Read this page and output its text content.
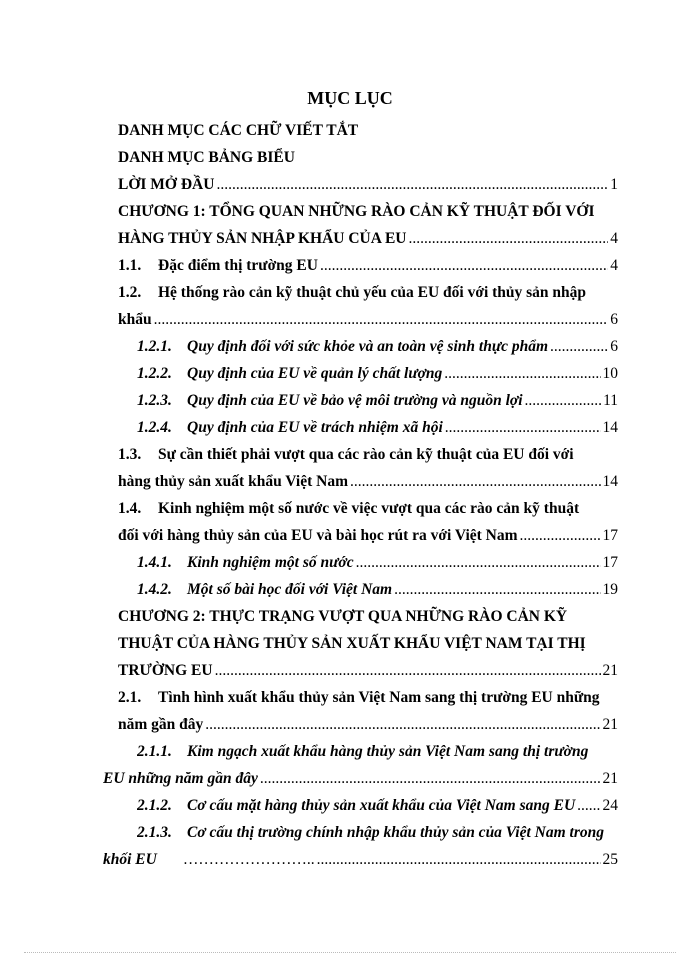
MỤC LỤC
DANH MỤC CÁC CHỮ VIẾT TẮT
DANH MỤC BẢNG BIỂU
LỜI MỞ ĐẦU .....	1
CHƯƠNG 1: TỔNG QUAN NHỮNG RÀO CẢN KỸ THUẬT ĐỐI VỚI
HÀNG THỦY SẢN NHẬP KHẨU CỦA EU .....	4
1.1. Đặc điểm thị trường EU .....	4
1.2. Hệ thống rào cản kỹ thuật chủ yếu của EU đối với thủy sản nhập
khẩu .....	6
1.2.1. Quy định đối với sức khỏe và an toàn vệ sinh thực phẩm .....	6
1.2.2. Quy định của EU về quản lý chất lượng .....	10
1.2.3. Quy định của EU về bảo vệ môi trường và nguồn lợi .....	11
1.2.4. Quy định của EU về trách nhiệm xã hội .....	14
1.3. Sự cần thiết phải vượt qua các rào cản kỹ thuật của EU đối với
hàng thủy sản xuất khẩu Việt Nam .....	14
1.4. Kinh nghiệm một số nước về việc vượt qua các rào cản kỹ thuật
đối với hàng thủy sản của EU và bài học rút ra với Việt Nam .....	17
1.4.1. Kinh nghiệm một số nước .....	17
1.4.2. Một số bài học đối với Việt Nam .....	19
CHƯƠNG 2: THỰC TRẠNG VƯỢT QUA NHỮNG RÀO CẢN KỸ
THUẬT CỦA HÀNG THỦY SẢN XUẤT KHẨU VIỆT NAM TẠI THỊ
TRƯỜNG EU .....	21
2.1. Tình hình xuất khẩu thủy sản Việt Nam sang thị trường EU những
năm gần đây .....	21
2.1.1. Kim ngạch xuất khẩu hàng thủy sản Việt Nam sang thị trường
EU những năm gần đây .....	21
2.1.2. Cơ cấu mặt hàng thủy sản xuất khẩu của Việt Nam sang EU ..... 24
2.1.3. Cơ cấu thị trường chính nhập khẩu thủy sản của Việt Nam trong
khối EU …………………….. .....	25
